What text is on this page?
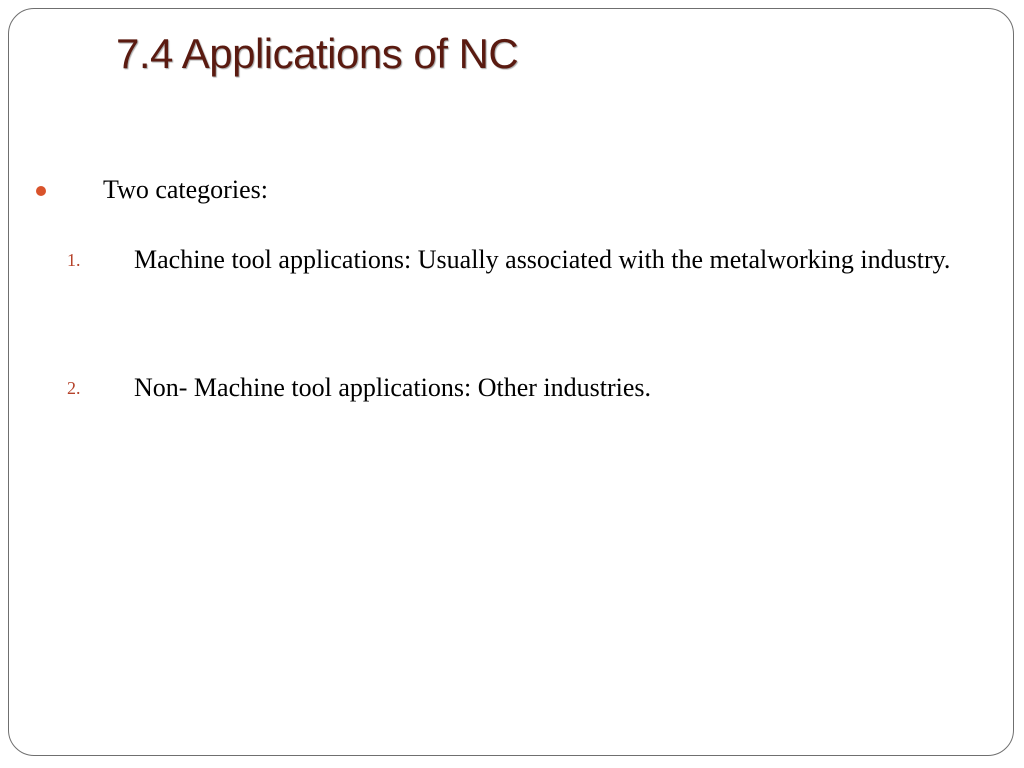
7.4 Applications of NC
Two categories:
1. Machine tool applications: Usually associated with the metalworking industry.
2. Non- Machine tool applications: Other industries.
